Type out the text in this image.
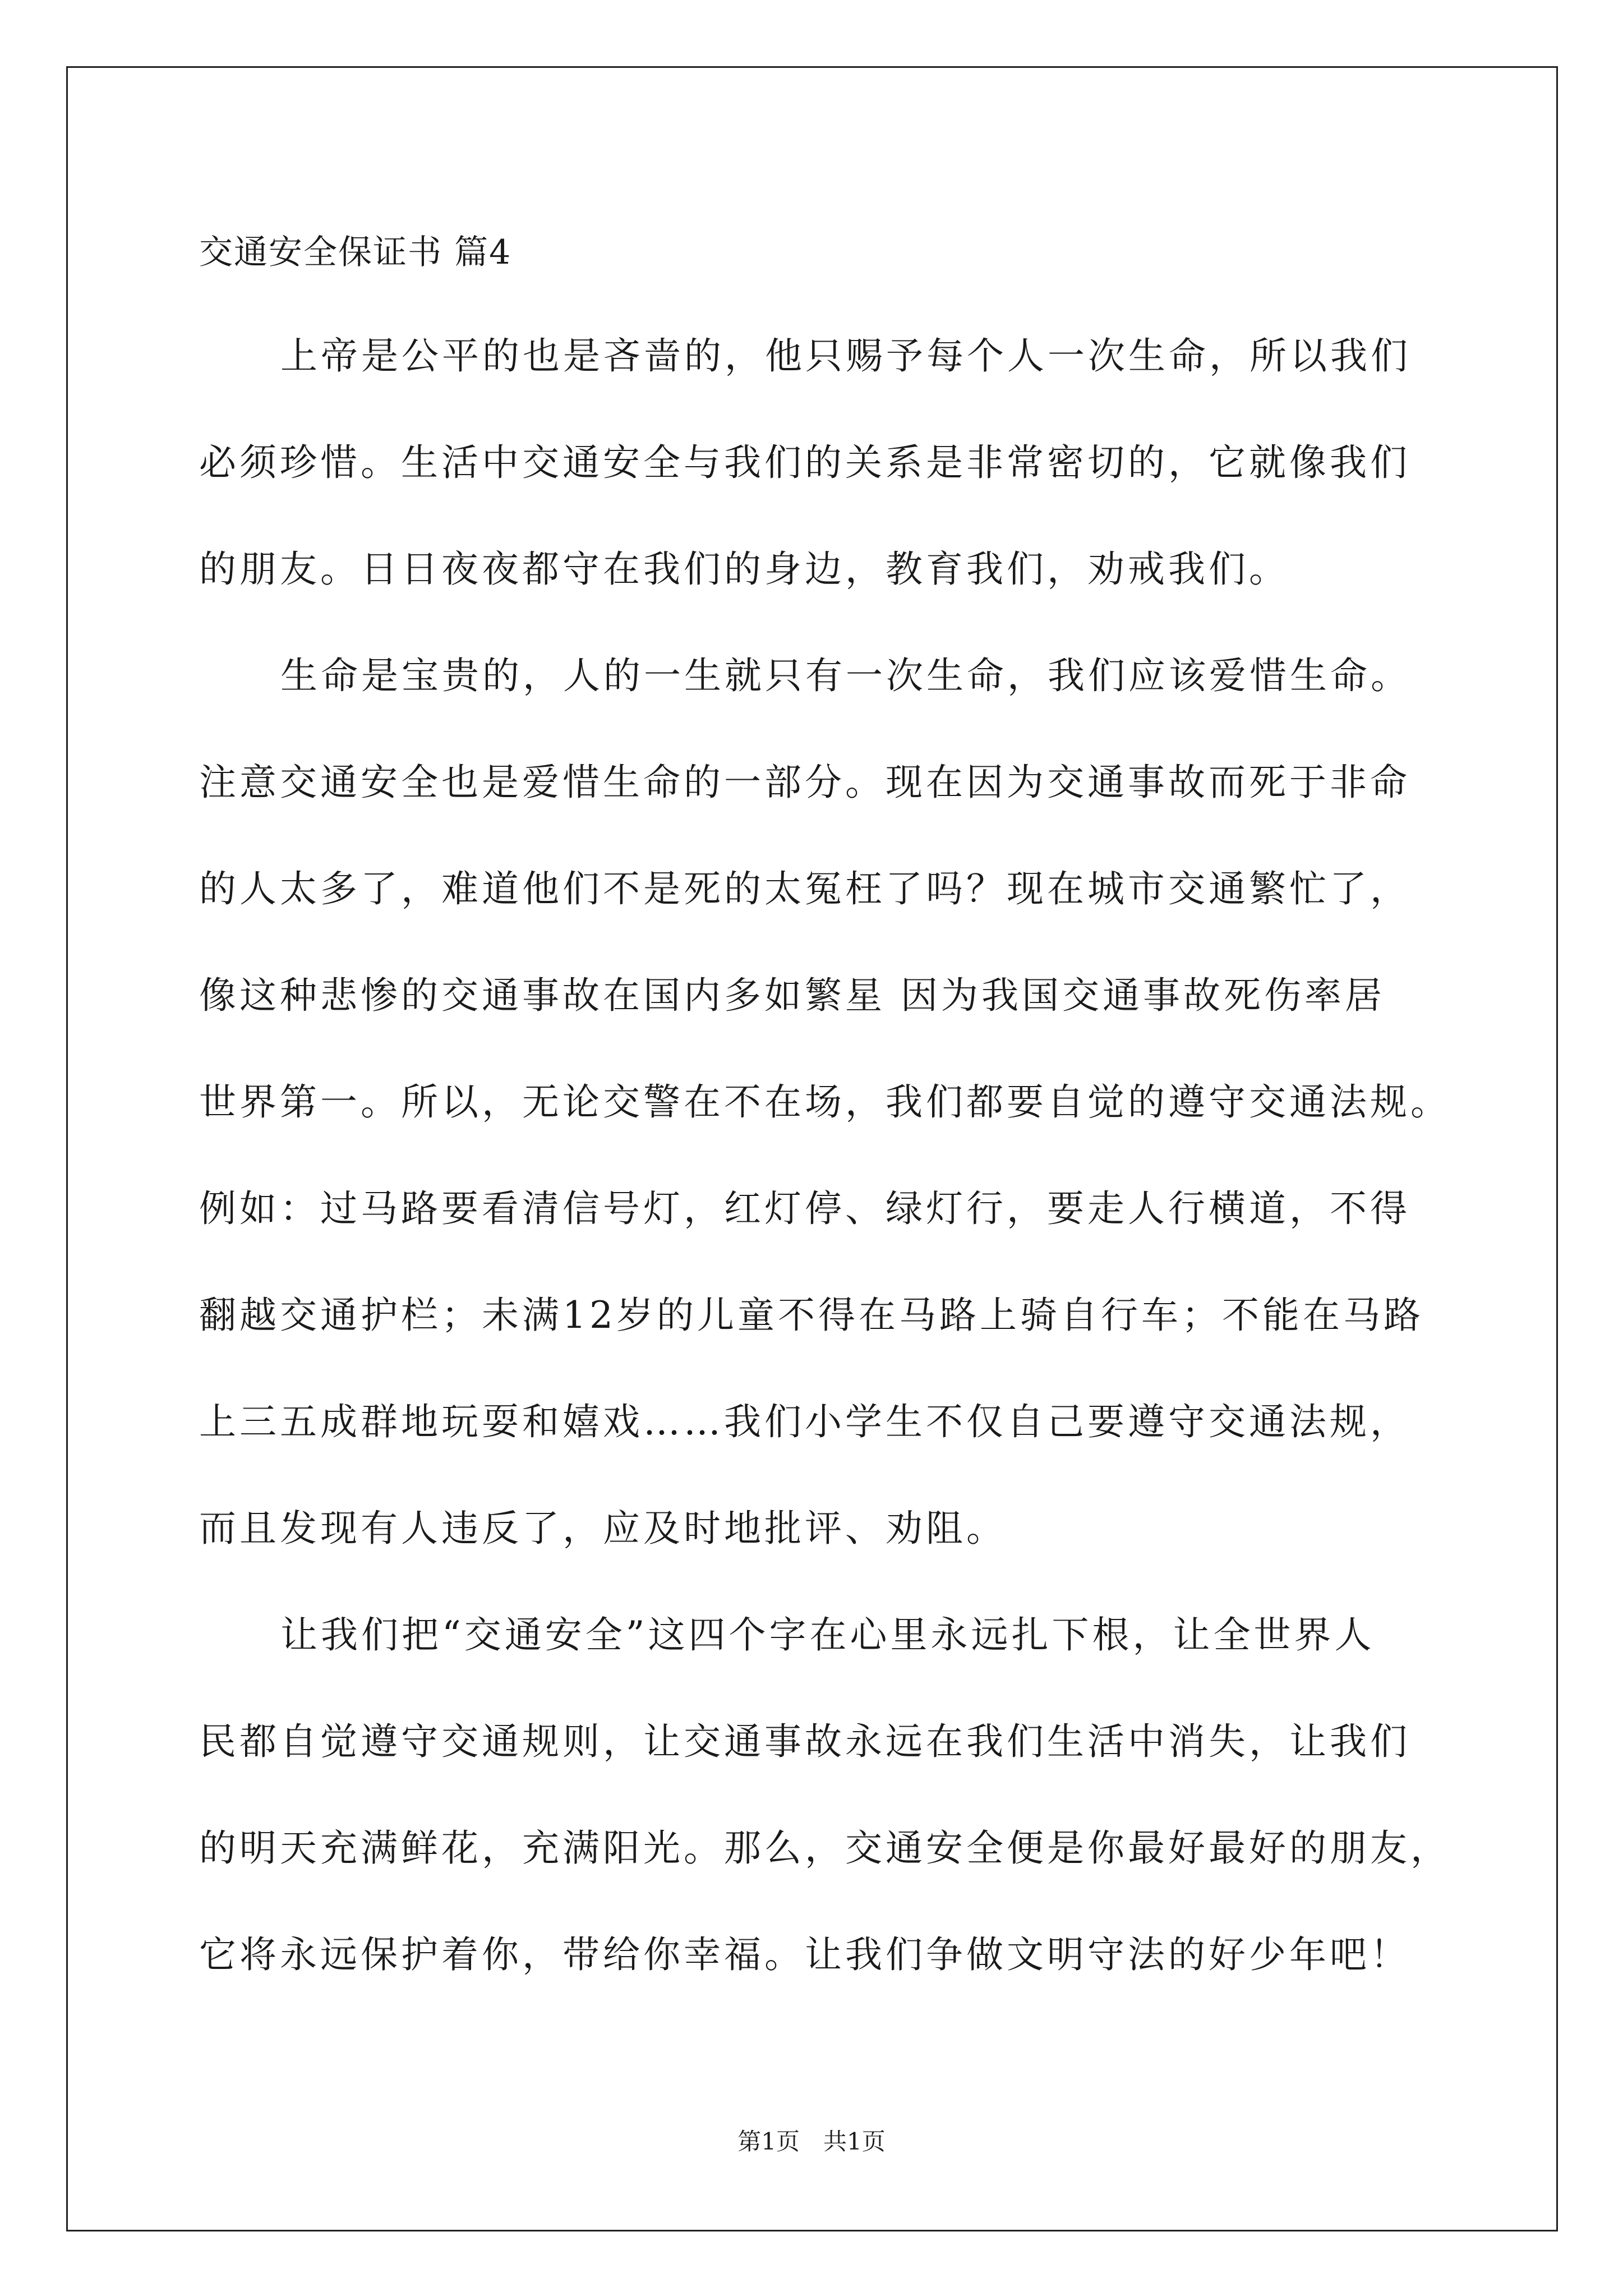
交通安全保证书 篇4

上帝是公平的也是吝啬的，他只赐予每个人一次生命，所以我们

必须珍惜。生活中交通安全与我们的关系是非常密切的，它就像我们

的朋友。日日夜夜都守在我们的身边，教育我们，劝戒我们。

生命是宝贵的，人的一生就只有一次生命，我们应该爱惜生命。

注意交通安全也是爱惜生命的一部分。现在因为交通事故而死于非命

的人太多了，难道他们不是死的太冤枉了吗？现在城市交通繁忙了，

像这种悲惨的交通事故在国内多如繁星 因为我国交通事故死伤率居

世界第一。所以，无论交警在不在场，我们都要自觉的遵守交通法规。

例如：过马路要看清信号灯，红灯停、绿灯行，要走人行横道，不得

翻越交通护栏；未满12岁的儿童不得在马路上骑自行车；不能在马路

上三五成群地玩耍和嬉戏……我们小学生不仅自己要遵守交通法规，

而且发现有人违反了，应及时地批评、劝阻。

让我们把“交通安全”这四个字在心里永远扎下根，让全世界人

民都自觉遵守交通规则，让交通事故永远在我们生活中消失，让我们

的明天充满鲜花，充满阳光。那么，交通安全便是你最好最好的朋友，

它将永远保护着你，带给你幸福。让我们争做文明守法的好少年吧！

第1页　共1页
